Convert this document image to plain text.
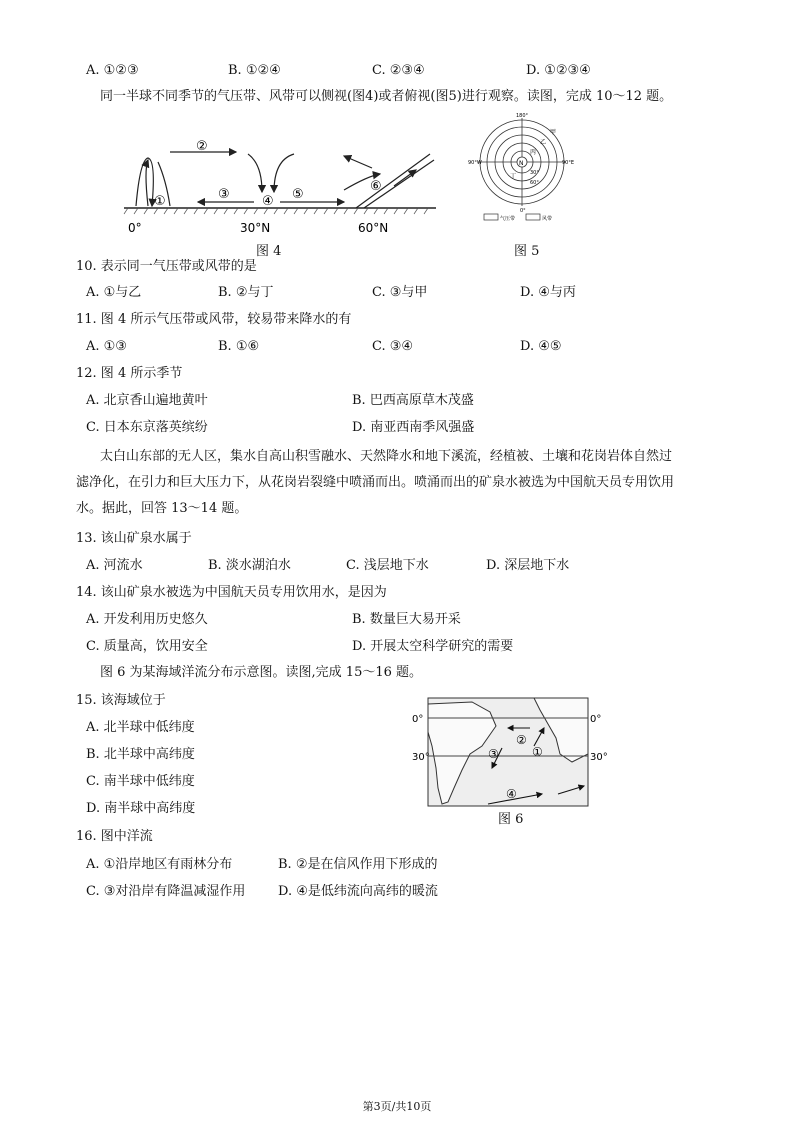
A. ①②③	B. ①②④	C. ②③④	D. ①②③④
同一半球不同季节的气压带、风带可以侧视(图4)或者俯视(图5)进行观察。读图，完成 10～12 题。
①
②
③ ④ ⑤
⑥
0°	30°N	60°N
图 4
N
180°
90°W	90°E
0°
甲
乙
丙
丁	30°
60°
气压带	风带
图 5
10. 表示同一气压带或风带的是
A. ①与乙	B. ②与丁	C. ③与甲	D. ④与丙
11. 图 4 所示气压带或风带，较易带来降水的有
A. ①③	B. ①⑥	C. ③④	D. ④⑤
12. 图 4 所示季节
A. 北京香山遍地黄叶	B. 巴西高原草木茂盛
C. 日本东京落英缤纷	D. 南亚西南季风强盛
太白山东部的无人区，集水自高山积雪融水、天然降水和地下溪流，经植被、土壤和花岗岩体自然过
滤净化，在引力和巨大压力下，从花岗岩裂缝中喷涌而出。喷涌而出的矿泉水被选为中国航天员专用饮用
水。据此，回答 13～14 题。
13. 该山矿泉水属于
A. 河流水	B. 淡水湖泊水	C. 浅层地下水	D. 深层地下水
14. 该山矿泉水被选为中国航天员专用饮用水，是因为
A. 开发利用历史悠久	B. 数量巨大易开采
C. 质量高，饮用安全	D. 开展太空科学研究的需要
图 6 为某海域洋流分布示意图。读图,完成 15～16 题。
15. 该海域位于
A. 北半球中低纬度
B. 北半球中高纬度
C. 南半球中低纬度
D. 南半球中高纬度
②
①
③
④
0°	0°
30°	30°
图 6
16. 图中洋流
A. ①沿岸地区有雨林分布	B. ②是在信风作用下形成的
C. ③对沿岸有降温减湿作用	D. ④是低纬流向高纬的暖流
第3页/共10页
